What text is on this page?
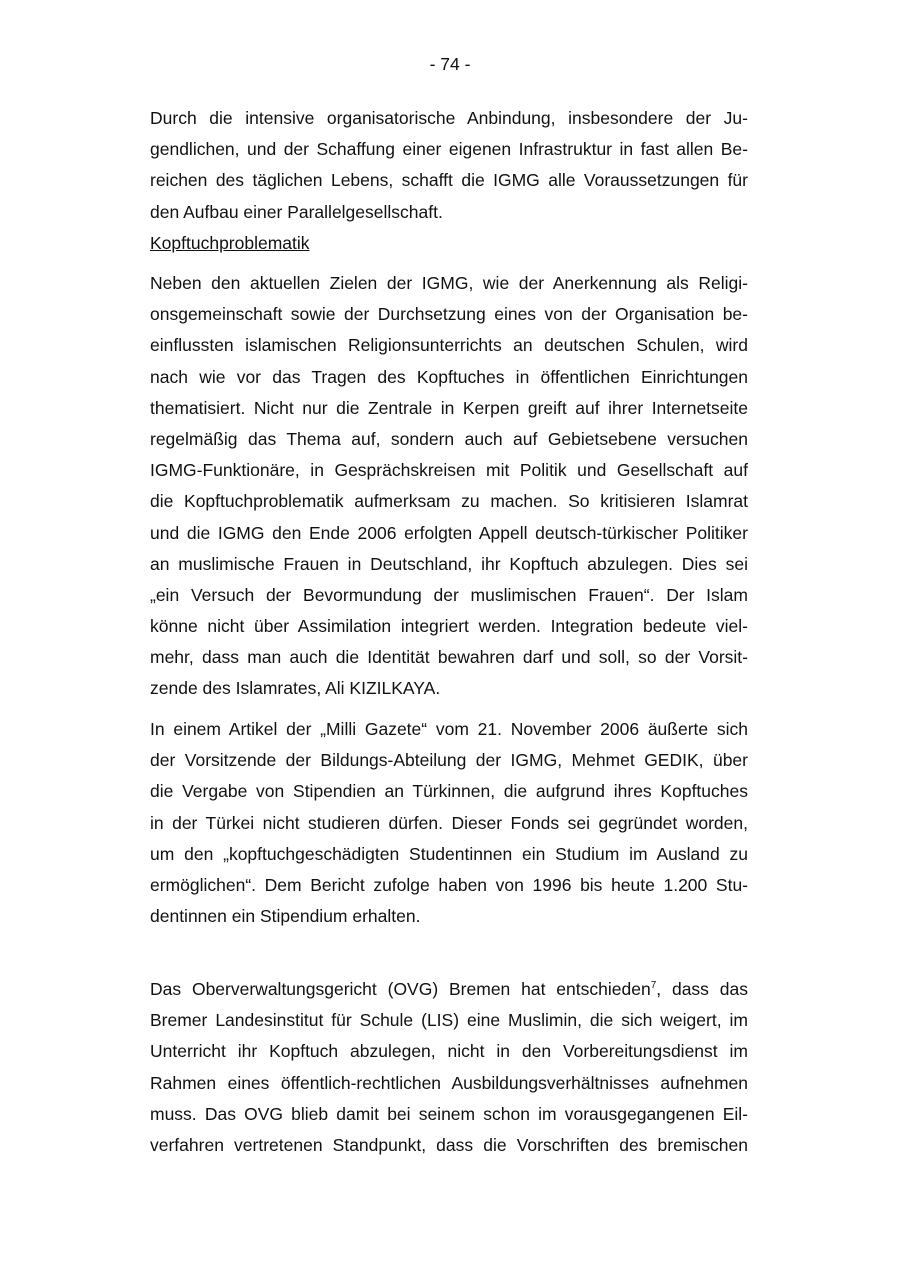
- 74 -
Durch die intensive organisatorische Anbindung, insbesondere der Ju-
gendlichen, und der Schaffung einer eigenen Infrastruktur in fast allen Be-
reichen des täglichen Lebens, schafft die IGMG alle Voraussetzungen für
den Aufbau einer Parallelgesellschaft.
Kopftuchproblematik
Neben den aktuellen Zielen der IGMG, wie der Anerkennung als Religi-
onsgemeinschaft sowie der Durchsetzung eines von der Organisation be-
einflussten islamischen Religionsunterrichts an deutschen Schulen, wird
nach wie vor das Tragen des Kopftuches in öffentlichen Einrichtungen
thematisiert. Nicht nur die Zentrale in Kerpen greift auf ihrer Internetseite
regelmäßig das Thema auf, sondern auch auf Gebietsebene versuchen
IGMG-Funktionäre, in Gesprächskreisen mit Politik und Gesellschaft auf
die Kopftuchproblematik aufmerksam zu machen. So kritisieren Islamrat
und die IGMG den Ende 2006 erfolgten Appell deutsch-türkischer Politiker
an muslimische Frauen in Deutschland, ihr Kopftuch abzulegen. Dies sei
„ein Versuch der Bevormundung der muslimischen Frauen“. Der Islam
könne nicht über Assimilation integriert werden. Integration bedeute viel-
mehr, dass man auch die Identität bewahren darf und soll, so der Vorsit-
zende des Islamrates, Ali KIZILKAYA.
In einem Artikel der „Milli Gazete“ vom 21. November 2006 äußerte sich
der Vorsitzende der Bildungs-Abteilung der IGMG, Mehmet GEDIK, über
die Vergabe von Stipendien an Türkinnen, die aufgrund ihres Kopftuches
in der Türkei nicht studieren dürfen. Dieser Fonds sei gegründet worden,
um den „kopftuchgeschädigten Studentinnen ein Studium im Ausland zu
ermöglichen“. Dem Bericht zufolge haben von 1996 bis heute 1.200 Stu-
dentinnen ein Stipendium erhalten.
Das Oberverwaltungsgericht (OVG) Bremen hat entschieden$^7$, dass das
Bremer Landesinstitut für Schule (LIS) eine Muslimin, die sich weigert, im
Unterricht ihr Kopftuch abzulegen, nicht in den Vorbereitungsdienst im
Rahmen eines öffentlich-rechtlichen Ausbildungsverhältnisses aufnehmen
muss. Das OVG blieb damit bei seinem schon im vorausgegangenen Eil-
verfahren vertretenen Standpunkt, dass die Vorschriften des bremischen
